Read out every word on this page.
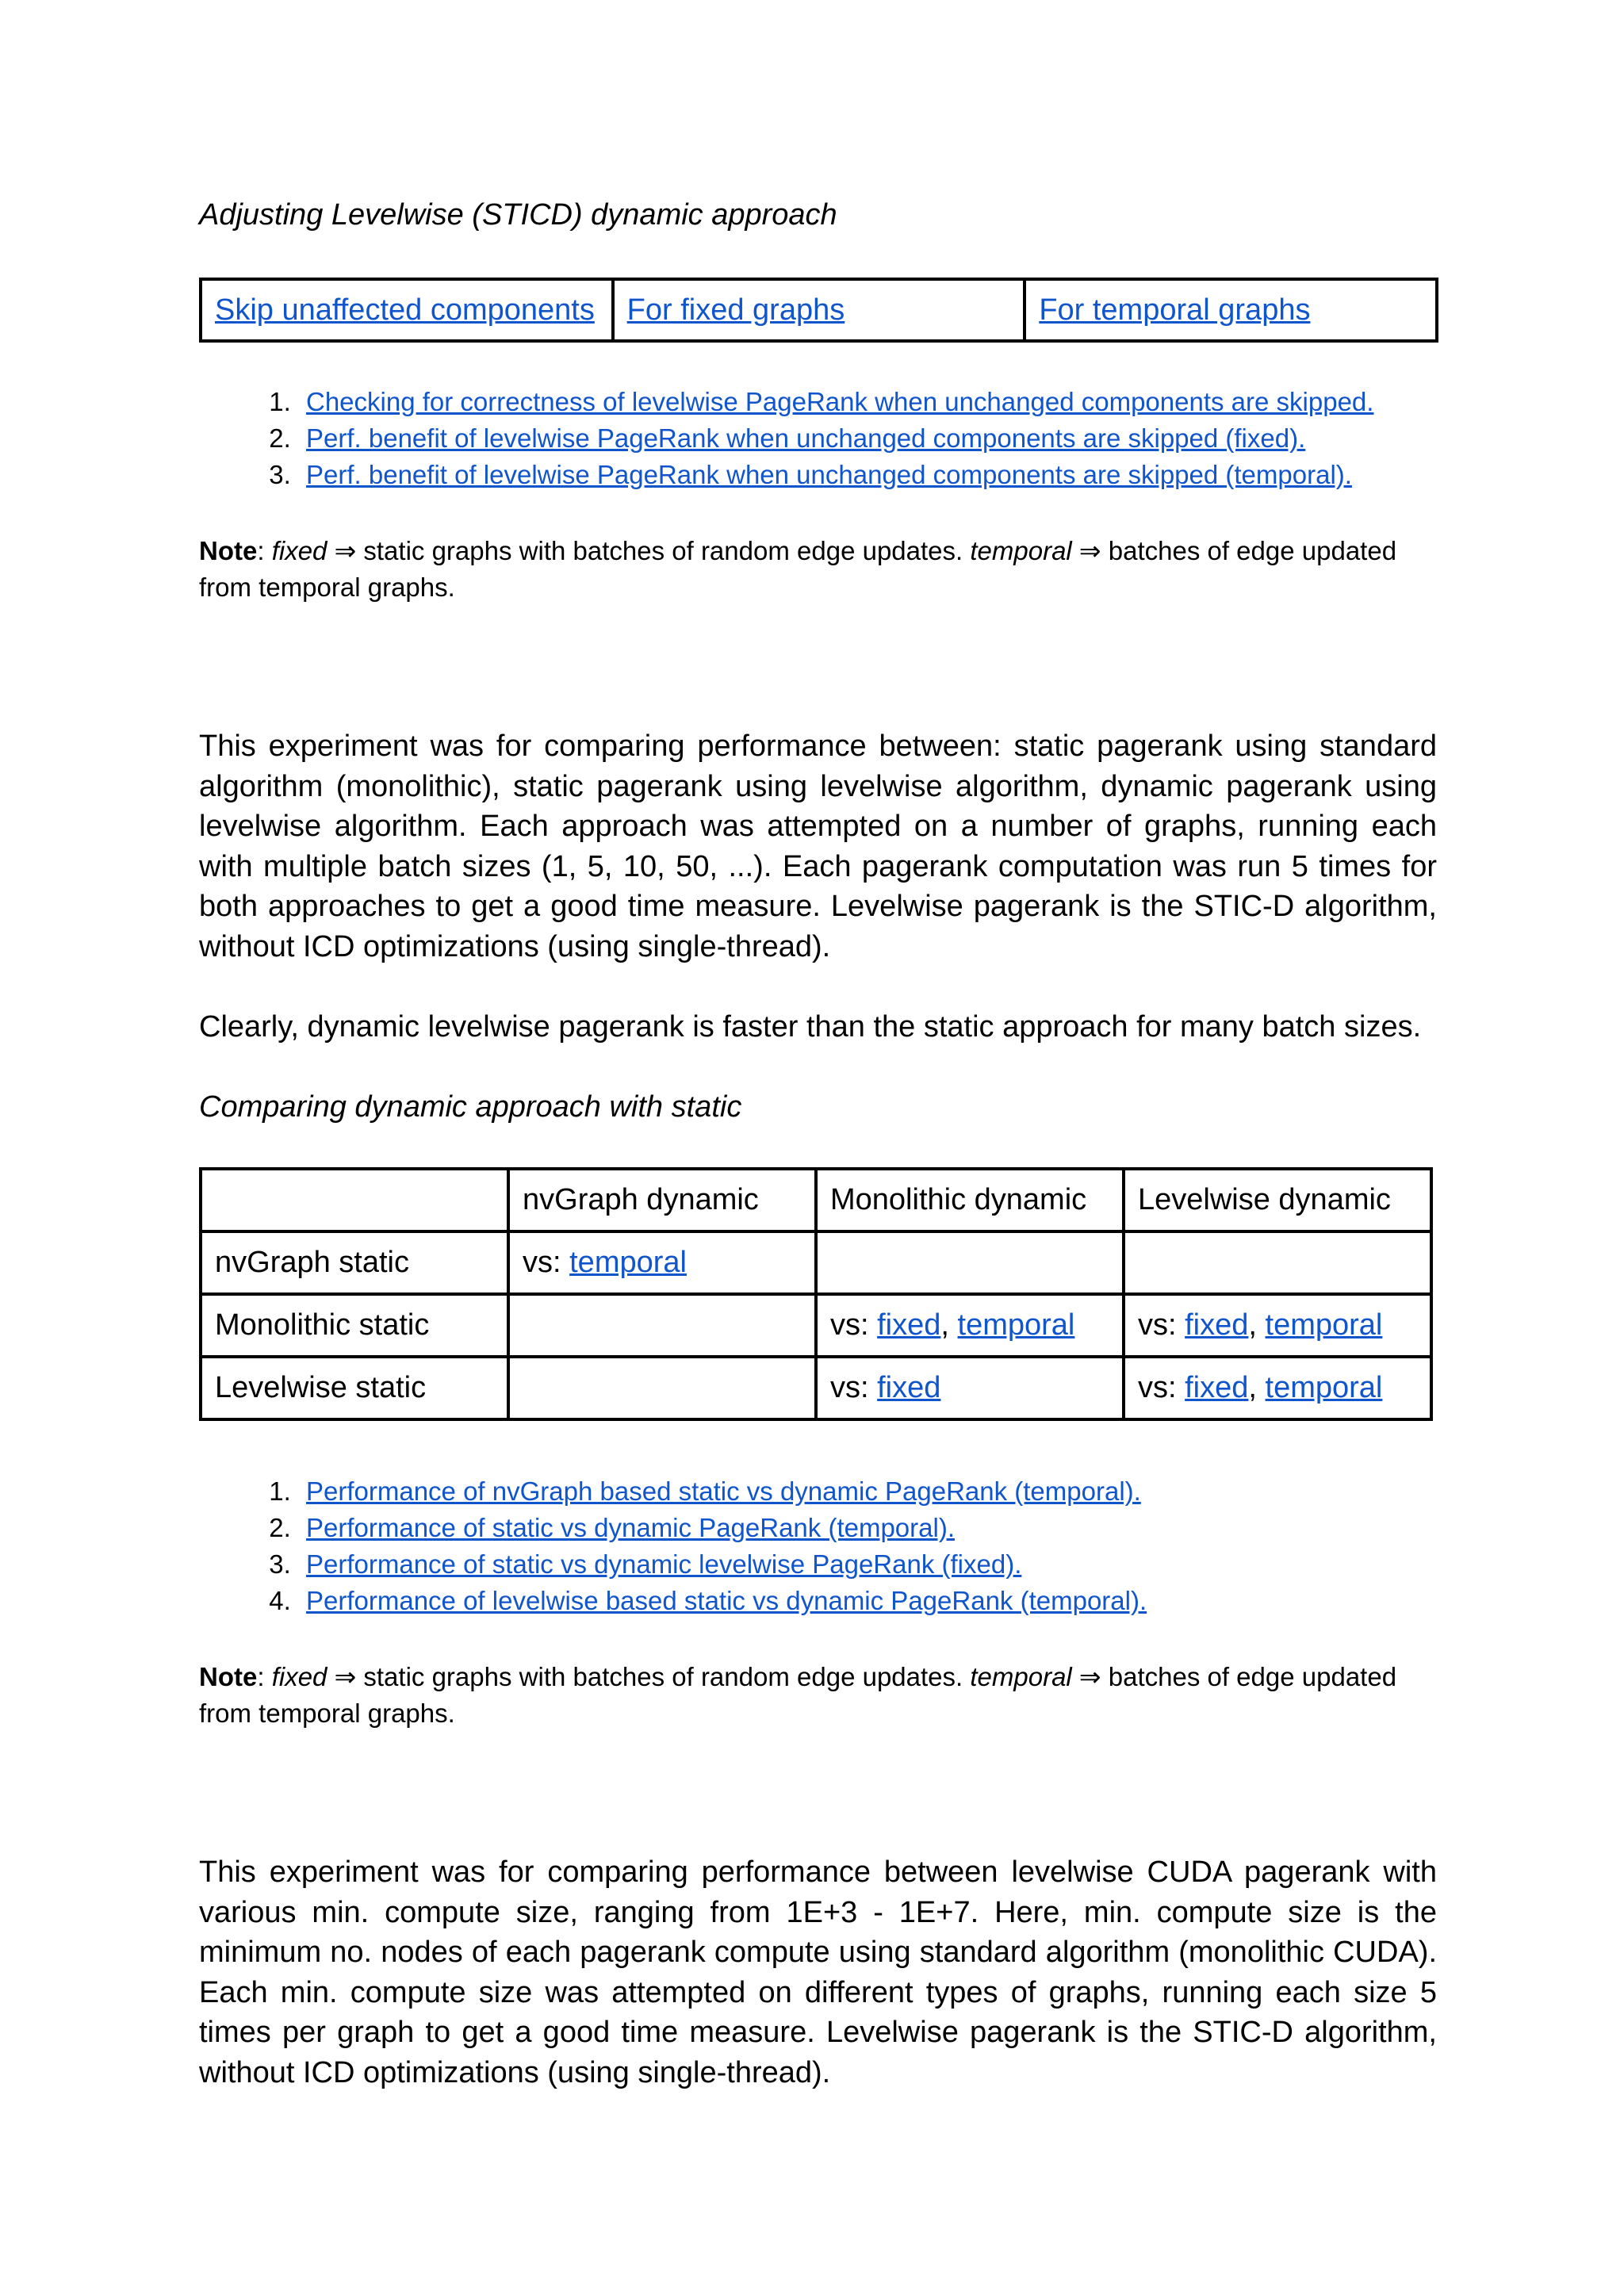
Adjusting Levelwise (STICD) dynamic approach
Skip unaffected components	For fixed graphs	For temporal graphs
1. Checking for correctness of levelwise PageRank when unchanged components are skipped.
2. Perf. benefit of levelwise PageRank when unchanged components are skipped (fixed).
3. Perf. benefit of levelwise PageRank when unchanged components are skipped (temporal).
Note: fixed ⇒ static graphs with batches of random edge updates. temporal ⇒ batches of edge updated from temporal graphs.
This experiment was for comparing performance between: static pagerank using standard algorithm (monolithic), static pagerank using levelwise algorithm, dynamic pagerank using levelwise algorithm. Each approach was attempted on a number of graphs, running each with multiple batch sizes (1, 5, 10, 50, ...). Each pagerank computation was run 5 times for both approaches to get a good time measure. Levelwise pagerank is the STIC-D algorithm, without ICD optimizations (using single-thread).
Clearly, dynamic levelwise pagerank is faster than the static approach for many batch sizes.
Comparing dynamic approach with static
	nvGraph dynamic	Monolithic dynamic	Levelwise dynamic
nvGraph static	vs: temporal		
Monolithic static		vs: fixed, temporal	vs: fixed, temporal
Levelwise static		vs: fixed	vs: fixed, temporal
1. Performance of nvGraph based static vs dynamic PageRank (temporal).
2. Performance of static vs dynamic PageRank (temporal).
3. Performance of static vs dynamic levelwise PageRank (fixed).
4. Performance of levelwise based static vs dynamic PageRank (temporal).
Note: fixed ⇒ static graphs with batches of random edge updates. temporal ⇒ batches of edge updated from temporal graphs.
This experiment was for comparing performance between levelwise CUDA pagerank with various min. compute size, ranging from 1E+3 - 1E+7. Here, min. compute size is the minimum no. nodes of each pagerank compute using standard algorithm (monolithic CUDA). Each min. compute size was attempted on different types of graphs, running each size 5 times per graph to get a good time measure. Levelwise pagerank is the STIC-D algorithm, without ICD optimizations (using single-thread).
